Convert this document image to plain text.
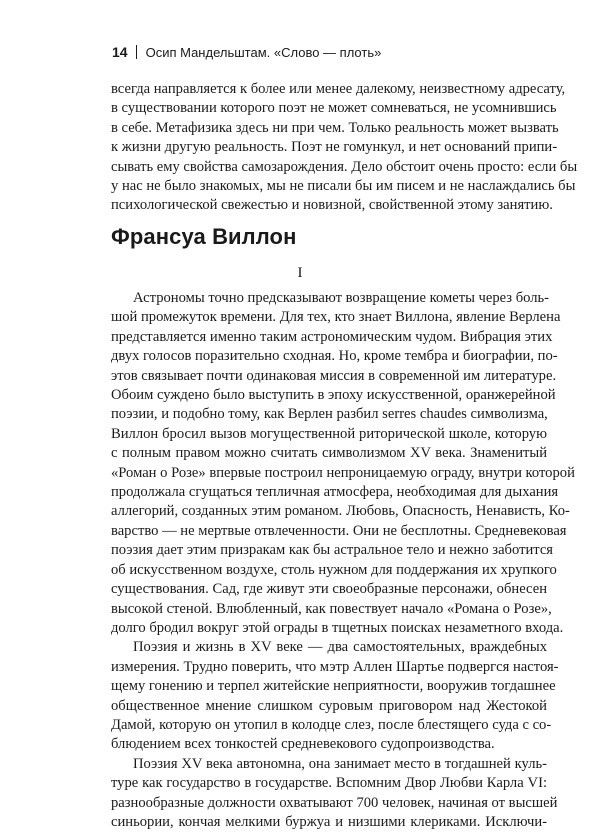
14 Осип Мандельштам. «Слово — плоть»
всегда направляется к более или менее далекому, неизвестному адресату,
в существовании которого поэт не может сомневаться, не усомнившись
в себе. Метафизика здесь ни при чем. Только реальность может вызвать
к жизни другую реальность. Поэт не гомункул, и нет оснований припи-
сывать ему свойства самозарождения. Дело обстоит очень просто: если бы
у нас не было знакомых, мы не писали бы им писем и не наслаждались бы
психологической свежестью и новизной, свойственной этому занятию.
Франсуа Виллон
I
Астрономы точно предсказывают возвращение кометы через боль-
шой промежуток времени. Для тех, кто знает Виллона, явление Верлена
представляется именно таким астрономическим чудом. Вибрация этих
двух голосов поразительно сходная. Но, кроме тембра и биографии, по-
этов связывает почти одинаковая миссия в современной им литературе.
Обоим суждено было выступить в эпоху искусственной, оранжерейной
поэзии, и подобно тому, как Верлен разбил serres chaudes символизма,
Виллон бросил вызов могущественной риторической школе, которую
с полным правом можно считать символизмом XV века. Знаменитый
«Роман о Розе» впервые построил непроницаемую ограду, внутри которой
продолжала сгущаться тепличная атмосфера, необходимая для дыхания
аллегорий, созданных этим романом. Любовь, Опасность, Ненависть, Ко-
варство — не мертвые отвлеченности. Они не бесплотны. Средневековая
поэзия дает этим призракам как бы астральное тело и нежно заботится
об искусственном воздухе, столь нужном для поддержания их хрупкого
существования. Сад, где живут эти своеобразные персонажи, обнесен
высокой стеной. Влюбленный, как повествует начало «Романа о Розе»,
долго бродил вокруг этой ограды в тщетных поисках незаметного входа.
Поэзия и жизнь в XV веке — два самостоятельных, враждебных
измерения. Трудно поверить, что мэтр Аллен Шартье подвергся настоя-
щему гонению и терпел житейские неприятности, вооружив тогдашнее
общественное мнение слишком суровым приговором над Жестокой
Дамой, которую он утопил в колодце слез, после блестящего суда с со-
блюдением всех тонкостей средневекового судопроизводства.
Поэзия XV века автономна, она занимает место в тогдашней куль-
туре как государство в государстве. Вспомним Двор Любви Карла VI:
разнообразные должности охватывают 700 человек, начиная от высшей
синьории, кончая мелкими буржуа и низшими клериками. Исключи-
